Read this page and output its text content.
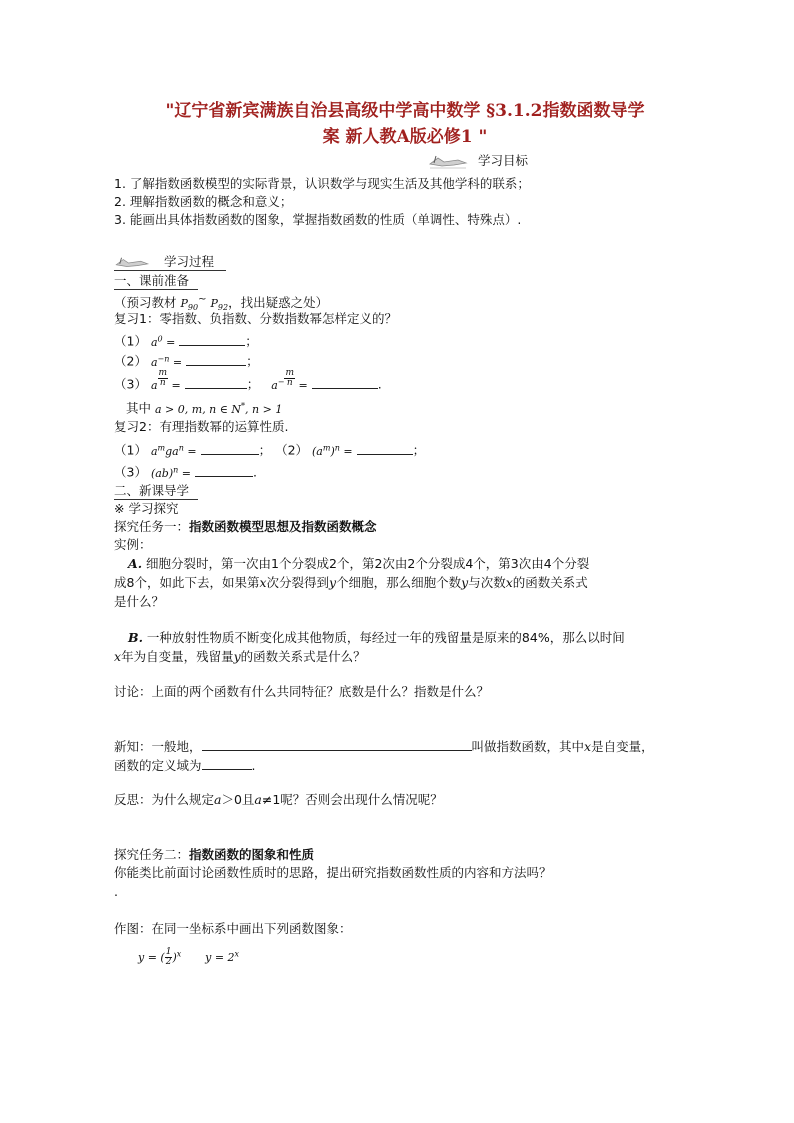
"辽宁省新宾满族自治县高级中学高中数学 §3.1.2指数函数导学
案 新人教A版必修1 "
学习目标
1. 了解指数函数模型的实际背景，认识数学与现实生活及其他学科的联系；
2. 理解指数函数的概念和意义；
3. 能画出具体指数函数的图象，掌握指数函数的性质（单调性、特殊点）.
学习过程
一、课前准备
（预习教材 $P_{90}^\sim$ $P_{92}$，找出疑惑之处）
复习1：零指数、负指数、分数指数幂怎样定义的？
（1） $a^0$ =	；
（2） $a^{-n}$ =	；
（3） a $\frac{m}{n}$ =	； $a^- \frac{m}{n}$ =	.
其中 a > 0, m, n ∈ N*, n > 1
复习2：有理指数幂的运算性质.
（1） $a^mga^n$ =	； （2） $(a^m)^n$ =	；
（3） (ab)$^n$ =	.
二、新课导学
※ 学习探究
探究任务一：指数函数模型思想及指数函数概念
实例：
A. 细胞分裂时，第一次由1个分裂成2个，第2次由2个分裂成4个，第3次由4个分裂
成8个，如此下去，如果第x次分裂得到y个细胞，那么细胞个数y与次数x的函数关系式
是什么？
B. 一种放射性物质不断变化成其他物质，每经过一年的残留量是原来的84%，那么以时间
x年为自变量，残留量y的函数关系式是什么？
讨论：上面的两个函数有什么共同特征？底数是什么？指数是什么？
新知：一般地，	叫做指数函数，其中x是自变量，
函数的定义域为	.
反思：为什么规定a＞0且a≠1呢？否则会出现什么情况呢？
探究任务二：指数函数的图象和性质
你能类比前面讨论函数性质时的思路，提出研究指数函数性质的内容和方法吗？
.
作图：在同一坐标系中画出下列函数图象：
y = ( $\frac{1}{2} )^x$ $y = 2^x$
